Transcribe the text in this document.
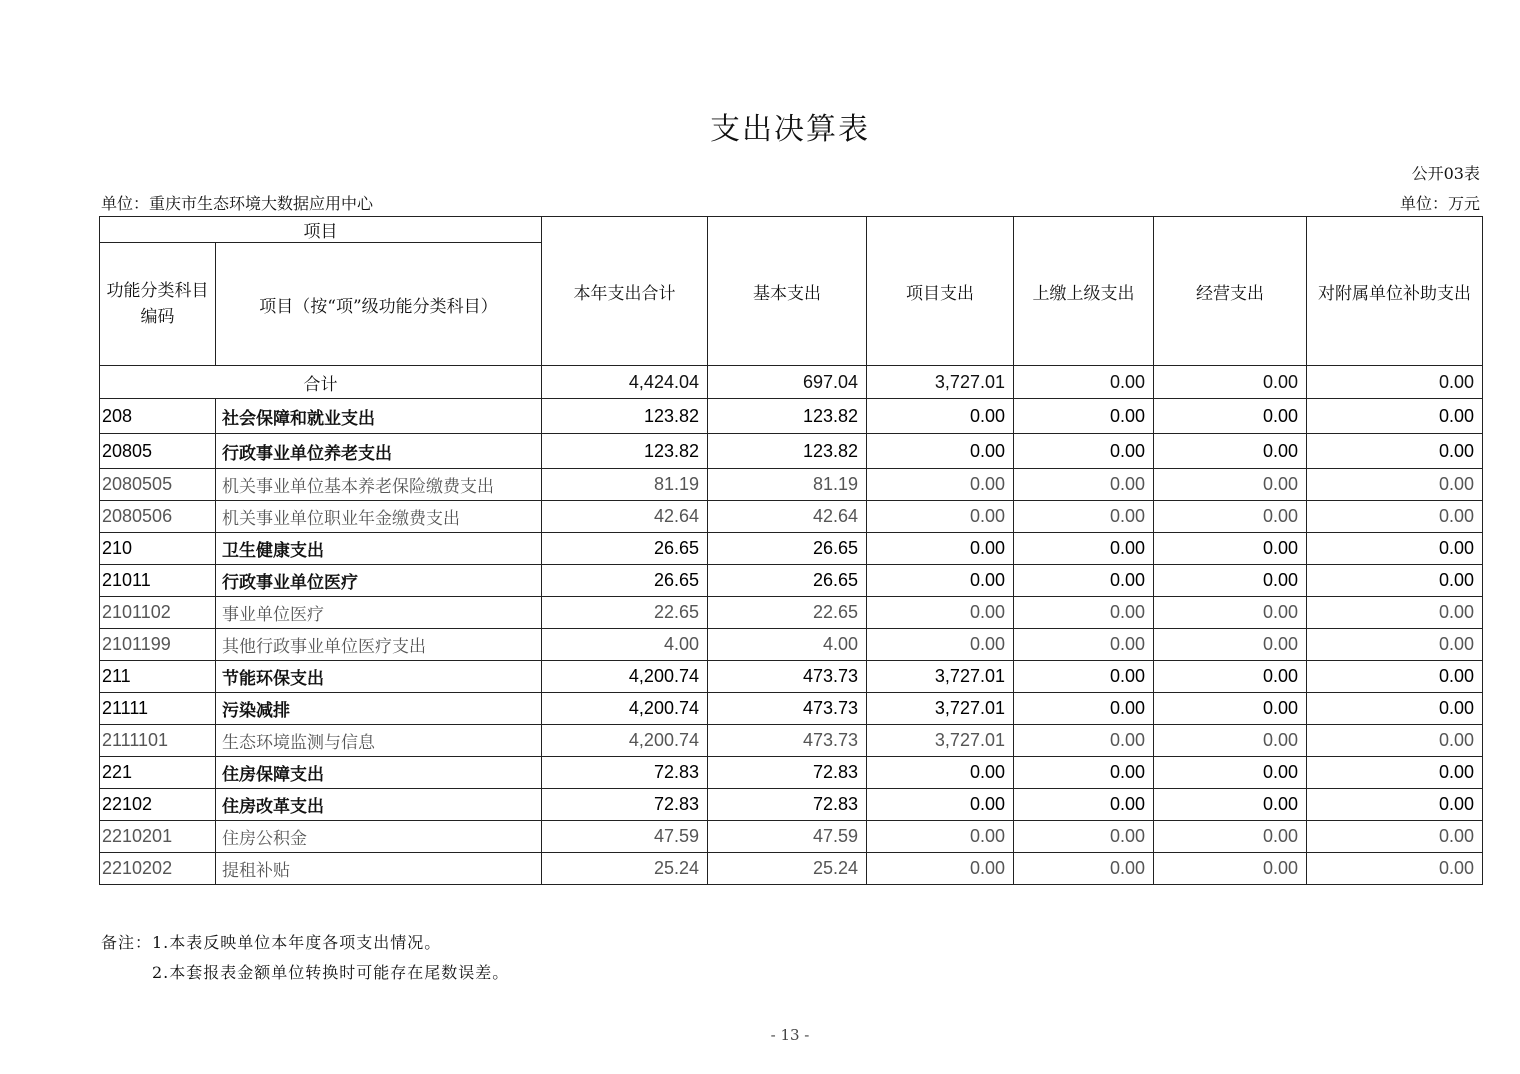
支出决算表
公开03表
单位：重庆市生态环境大数据应用中心	单位：万元
项目		本年支出合计	基本支出	项目支出	上缴上级支出	经营支出	对附属单位补助支出
功能分类科目编码	项目（按“项”级功能分类科目）						
合计		4,424.04	697.04	3,727.01	0.00	0.00	0.00
208	社会保障和就业支出	123.82	123.82	0.00	0.00	0.00	0.00
20805	行政事业单位养老支出	123.82	123.82	0.00	0.00	0.00	0.00
2080505	机关事业单位基本养老保险缴费支出	81.19	81.19	0.00	0.00	0.00	0.00
2080506	机关事业单位职业年金缴费支出	42.64	42.64	0.00	0.00	0.00	0.00
210	卫生健康支出	26.65	26.65	0.00	0.00	0.00	0.00
21011	行政事业单位医疗	26.65	26.65	0.00	0.00	0.00	0.00
2101102	事业单位医疗	22.65	22.65	0.00	0.00	0.00	0.00
2101199	其他行政事业单位医疗支出	4.00	4.00	0.00	0.00	0.00	0.00
211	节能环保支出	4,200.74	473.73	3,727.01	0.00	0.00	0.00
21111	污染减排	4,200.74	473.73	3,727.01	0.00	0.00	0.00
2111101	生态环境监测与信息	4,200.74	473.73	3,727.01	0.00	0.00	0.00
221	住房保障支出	72.83	72.83	0.00	0.00	0.00	0.00
22102	住房改革支出	72.83	72.83	0.00	0.00	0.00	0.00
2210201	住房公积金	47.59	47.59	0.00	0.00	0.00	0.00
2210202	提租补贴	25.24	25.24	0.00	0.00	0.00	0.00
备注：1.本表反映单位本年度各项支出情况。
2.本套报表金额单位转换时可能存在尾数误差。
- 13 -
